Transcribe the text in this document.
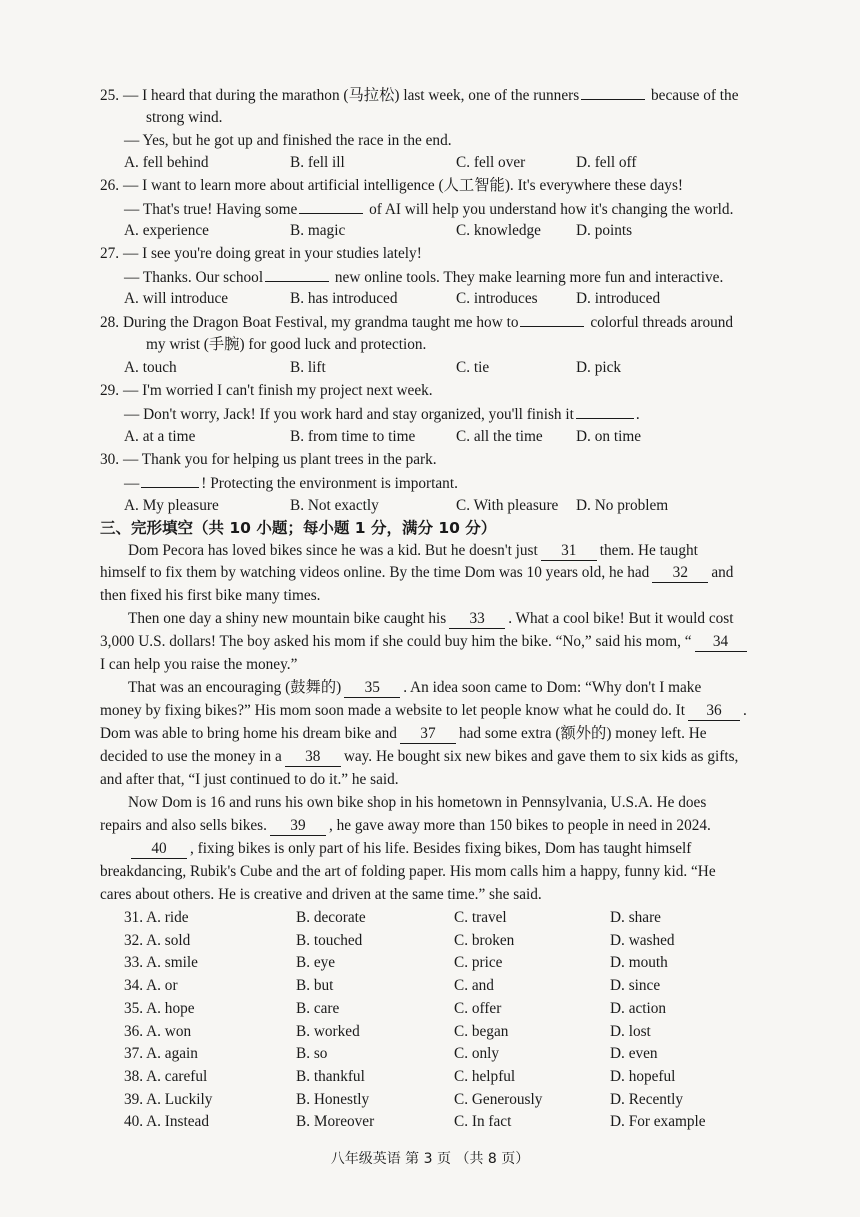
25. — I heard that during the marathon (马拉松) last week, one of the runners	because of the
strong wind.
— Yes, but he got up and finished the race in the end.
A. fell behind	B. fell ill	C. fell over	D. fell off
26. — I want to learn more about artificial intelligence (人工智能). It's everywhere these days!
— That's true! Having some	of AI will help you understand how it's changing the world.
A. experience	B. magic	C. knowledge D. points
27. — I see you're doing great in your studies lately!
— Thanks. Our school	new online tools. They make learning more fun and interactive.
A. will introduce	B. has introduced	C. introduces	D. introduced
28. During the Dragon Boat Festival, my grandma taught me how to	colorful threads around
my wrist (手腕) for good luck and protection.
A. touch	B. lift	C. tie	D. pick
29. — I'm worried I can't finish my project next week.
— Don't worry, Jack! If you work hard and stay organized, you'll finish it	.
A. at a time	B. from time to time	C. all the time D. on time
30. — Thank you for helping us plant trees in the park.
—	! Protecting the environment is important.
A. My pleasure	B. Not exactly	C. With pleasure D. No problem
三、完形填空（共 10 小题；每小题 1 分，满分 10 分）
Dom Pecora has loved bikes since he was a kid. But he doesn't just 31 them. He taught
himself to fix them by watching videos online. By the time Dom was 10 years old, he had 32 and
then fixed his first bike many times.
Then one day a shiny new mountain bike caught his 33 . What a cool bike! But it would cost
3,000 U.S. dollars! The boy asked his mom if she could buy him the bike. “No,” said his mom, “ 34
I can help you raise the money.”
That was an encouraging (鼓舞的) 35 . An idea soon came to Dom: “Why don't I make
money by fixing bikes?” His mom soon made a website to let people know what he could do. It 36 .
Dom was able to bring home his dream bike and 37 had some extra (额外的) money left. He
decided to use the money in a 38 way. He bought six new bikes and gave them to six kids as gifts,
and after that, “I just continued to do it.” he said.
Now Dom is 16 and runs his own bike shop in his hometown in Pennsylvania, U.S.A. He does
repairs and also sells bikes. 39 , he gave away more than 150 bikes to people in need in 2024.
40 , fixing bikes is only part of his life. Besides fixing bikes, Dom has taught himself
breakdancing, Rubik's Cube and the art of folding paper. His mom calls him a happy, funny kid. “He
cares about others. He is creative and driven at the same time.” she said.
31. A. ride	B. decorate	C. travel	D. share
32. A. sold	B. touched	C. broken	D. washed
33. A. smile	B. eye	C. price	D. mouth
34. A. or	B. but	C. and	D. since
35. A. hope	B. care	C. offer	D. action
36. A. won	B. worked	C. began	D. lost
37. A. again	B. so	C. only	D. even
38. A. careful	B. thankful	C. helpful	D. hopeful
39. A. Luckily	B. Honestly	C. Generously	D. Recently
40. A. Instead	B. Moreover	C. In fact	D. For example
八年级英语 第 3 页 （共 8 页）
